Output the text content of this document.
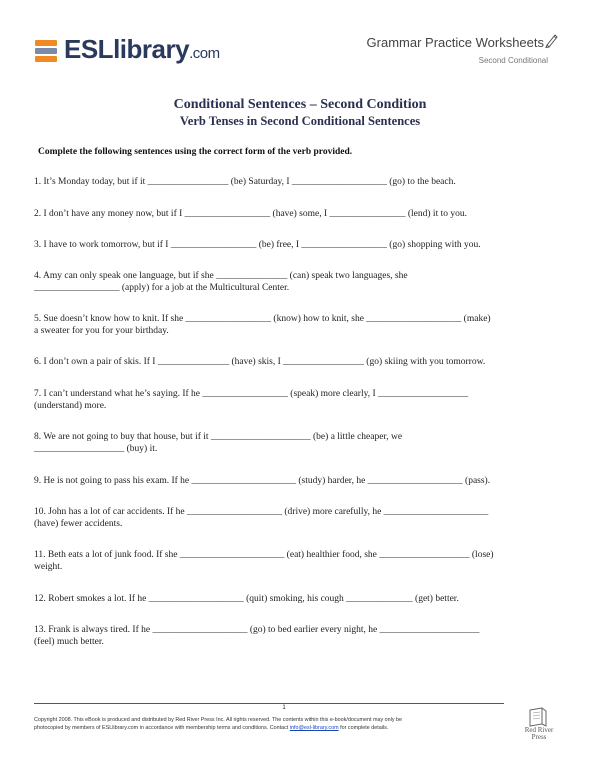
ESLlibrary.com
Grammar Practice Worksheets
Second Conditional
Conditional Sentences – Second Condition
Verb Tenses in Second Conditional Sentences
Complete the following sentences using the correct form of the verb provided.

1. It’s Monday today, but if it _________________ (be) Saturday, I ____________________ (go) to the beach.

2. I don’t have any money now, but if I __________________ (have) some, I ________________ (lend) it to you.

3. I have to work tomorrow, but if I __________________ (be) free, I __________________ (go) shopping with you.

4. Amy can only speak one language, but if she _______________ (can) speak two languages, she

__________________ (apply) for a job at the Multicultural Center.

5. Sue doesn’t know how to knit. If she __________________ (know) how to knit, she ____________________ (make)

a sweater for you for your birthday.

6. I don’t own a pair of skis. If I _______________ (have) skis, I _________________ (go) skiing with you tomorrow.

7. I can’t understand what he’s saying. If he __________________ (speak) more clearly, I ___________________

(understand) more.

8. We are not going to buy that house, but if it _____________________ (be) a little cheaper, we

___________________ (buy) it.

9. He is not going to pass his exam. If he ______________________ (study) harder, he ____________________ (pass).

10. John has a lot of car accidents. If he ____________________ (drive) more carefully, he ______________________

(have) fewer accidents.

11. Beth eats a lot of junk food. If she ______________________ (eat) healthier food, she ___________________ (lose)

weight.

12. Robert smokes a lot. If he ____________________ (quit) smoking, his cough ______________ (get) better.

13. Frank is always tired. If he ____________________ (go) to bed earlier every night, he _____________________

(feel) much better.

1
Copyright 2008. This eBook is produced and distributed by Red River Press Inc. All rights reserved. The contents within this e-book/document may only be
photocopied by members of ESLlibrary.com in accordance with membership terms and conditions. Contact info@esl-library.com for complete details.	Red River
Press
